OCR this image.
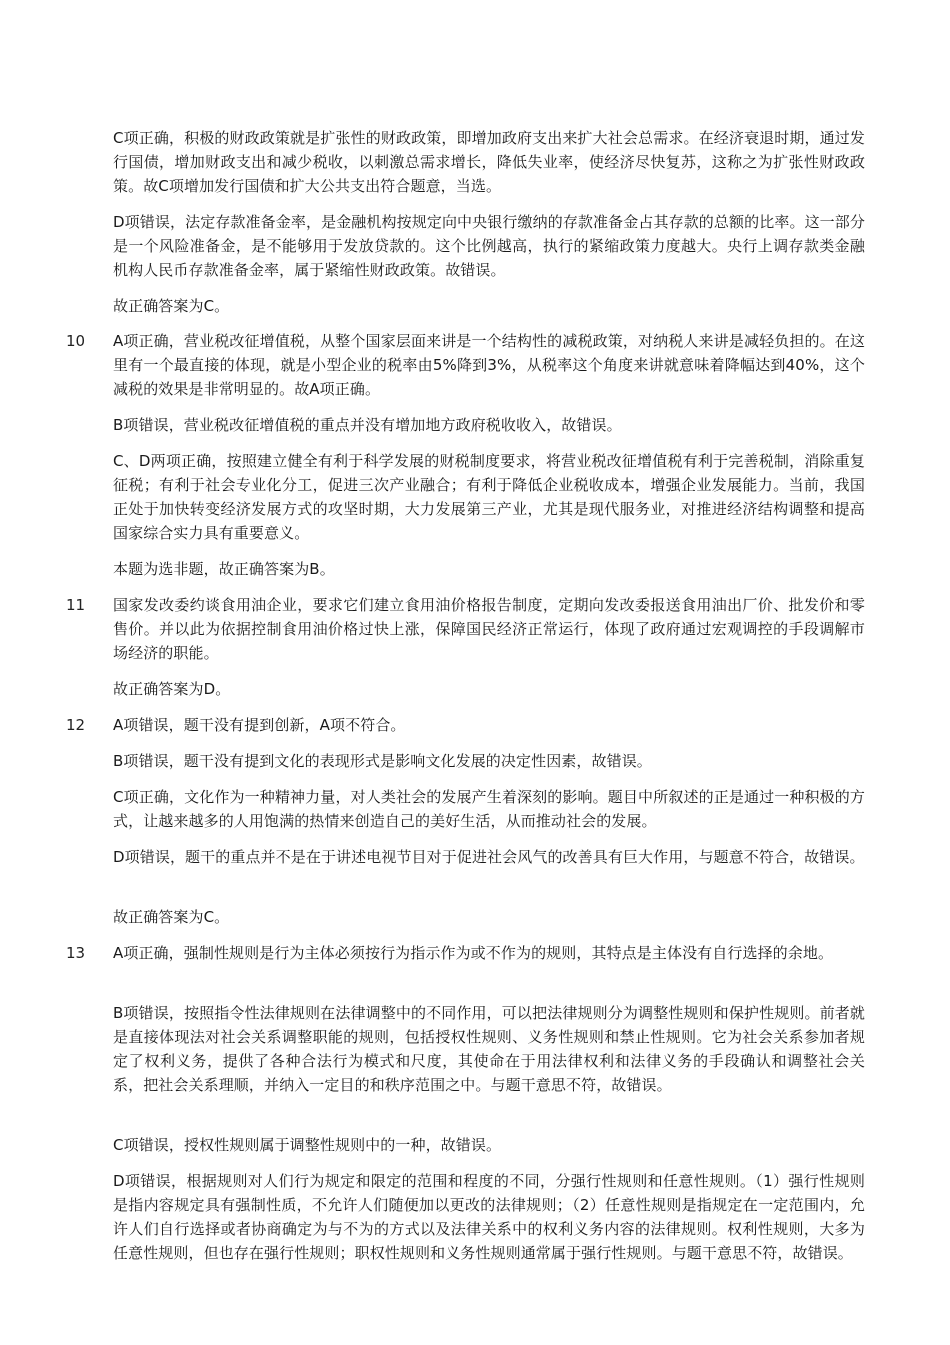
C项正确，积极的财政政策就是扩张性的财政政策，即增加政府支出来扩大社会总需求。在经济衰退时期，通过发行国债，增加财政支出和减少税收，以刺激总需求增长，降低失业率，使经济尽快复苏，这称之为扩张性财政政策。故C项增加发行国债和扩大公共支出符合题意，当选。

D项错误，法定存款准备金率，是金融机构按规定向中央银行缴纳的存款准备金占其存款的总额的比率。这一部分是一个风险准备金，是不能够用于发放贷款的。这个比例越高，执行的紧缩政策力度越大。央行上调存款类金融机构人民币存款准备金率，属于紧缩性财政政策。故错误。

故正确答案为C。

10 A项正确，营业税改征增值税，从整个国家层面来讲是一个结构性的减税政策，对纳税人来讲是减轻负担的。在这里有一个最直接的体现，就是小型企业的税率由5%降到3%，从税率这个角度来讲就意味着降幅达到40%，这个减税的效果是非常明显的。故A项正确。

B项错误，营业税改征增值税的重点并没有增加地方政府税收收入，故错误。

C、D两项正确，按照建立健全有利于科学发展的财税制度要求，将营业税改征增值税有利于完善税制，消除重复征税；有利于社会专业化分工，促进三次产业融合；有利于降低企业税收成本，增强企业发展能力。当前，我国正处于加快转变经济发展方式的攻坚时期，大力发展第三产业，尤其是现代服务业，对推进经济结构调整和提高国家综合实力具有重要意义。

本题为选非题，故正确答案为B。

11 国家发改委约谈食用油企业，要求它们建立食用油价格报告制度，定期向发改委报送食用油出厂价、批发价和零售价。并以此为依据控制食用油价格过快上涨，保障国民经济正常运行，体现了政府通过宏观调控的手段调解市场经济的职能。

故正确答案为D。

12 A项错误，题干没有提到创新，A项不符合。

B项错误，题干没有提到文化的表现形式是影响文化发展的决定性因素，故错误。

C项正确，文化作为一种精神力量，对人类社会的发展产生着深刻的影响。题目中所叙述的正是通过一种积极的方式，让越来越多的人用饱满的热情来创造自己的美好生活，从而推动社会的发展。

D项错误，题干的重点并不是在于讲述电视节目对于促进社会风气的改善具有巨大作用，与题意不符合，故错误。

故正确答案为C。

13 A项正确，强制性规则是行为主体必须按行为指示作为或不作为的规则，其特点是主体没有自行选择的余地。

B项错误，按照指令性法律规则在法律调整中的不同作用，可以把法律规则分为调整性规则和保护性规则。前者就是直接体现法对社会关系调整职能的规则，包括授权性规则、义务性规则和禁止性规则。它为社会关系参加者规定了权利义务，提供了各种合法行为模式和尺度，其使命在于用法律权利和法律义务的手段确认和调整社会关系，把社会关系理顺，并纳入一定目的和秩序范围之中。与题干意思不符，故错误。

C项错误，授权性规则属于调整性规则中的一种，故错误。

D项错误，根据规则对人们行为规定和限定的范围和程度的不同，分强行性规则和任意性规则。（1）强行性规则是指内容规定具有强制性质，不允许人们随便加以更改的法律规则；（2）任意性规则是指规定在一定范围内，允许人们自行选择或者协商确定为与不为的方式以及法律关系中的权利义务内容的法律规则。权利性规则，大多为任意性规则，但也存在强行性规则；职权性规则和义务性规则通常属于强行性规则。与题干意思不符，故错误。
